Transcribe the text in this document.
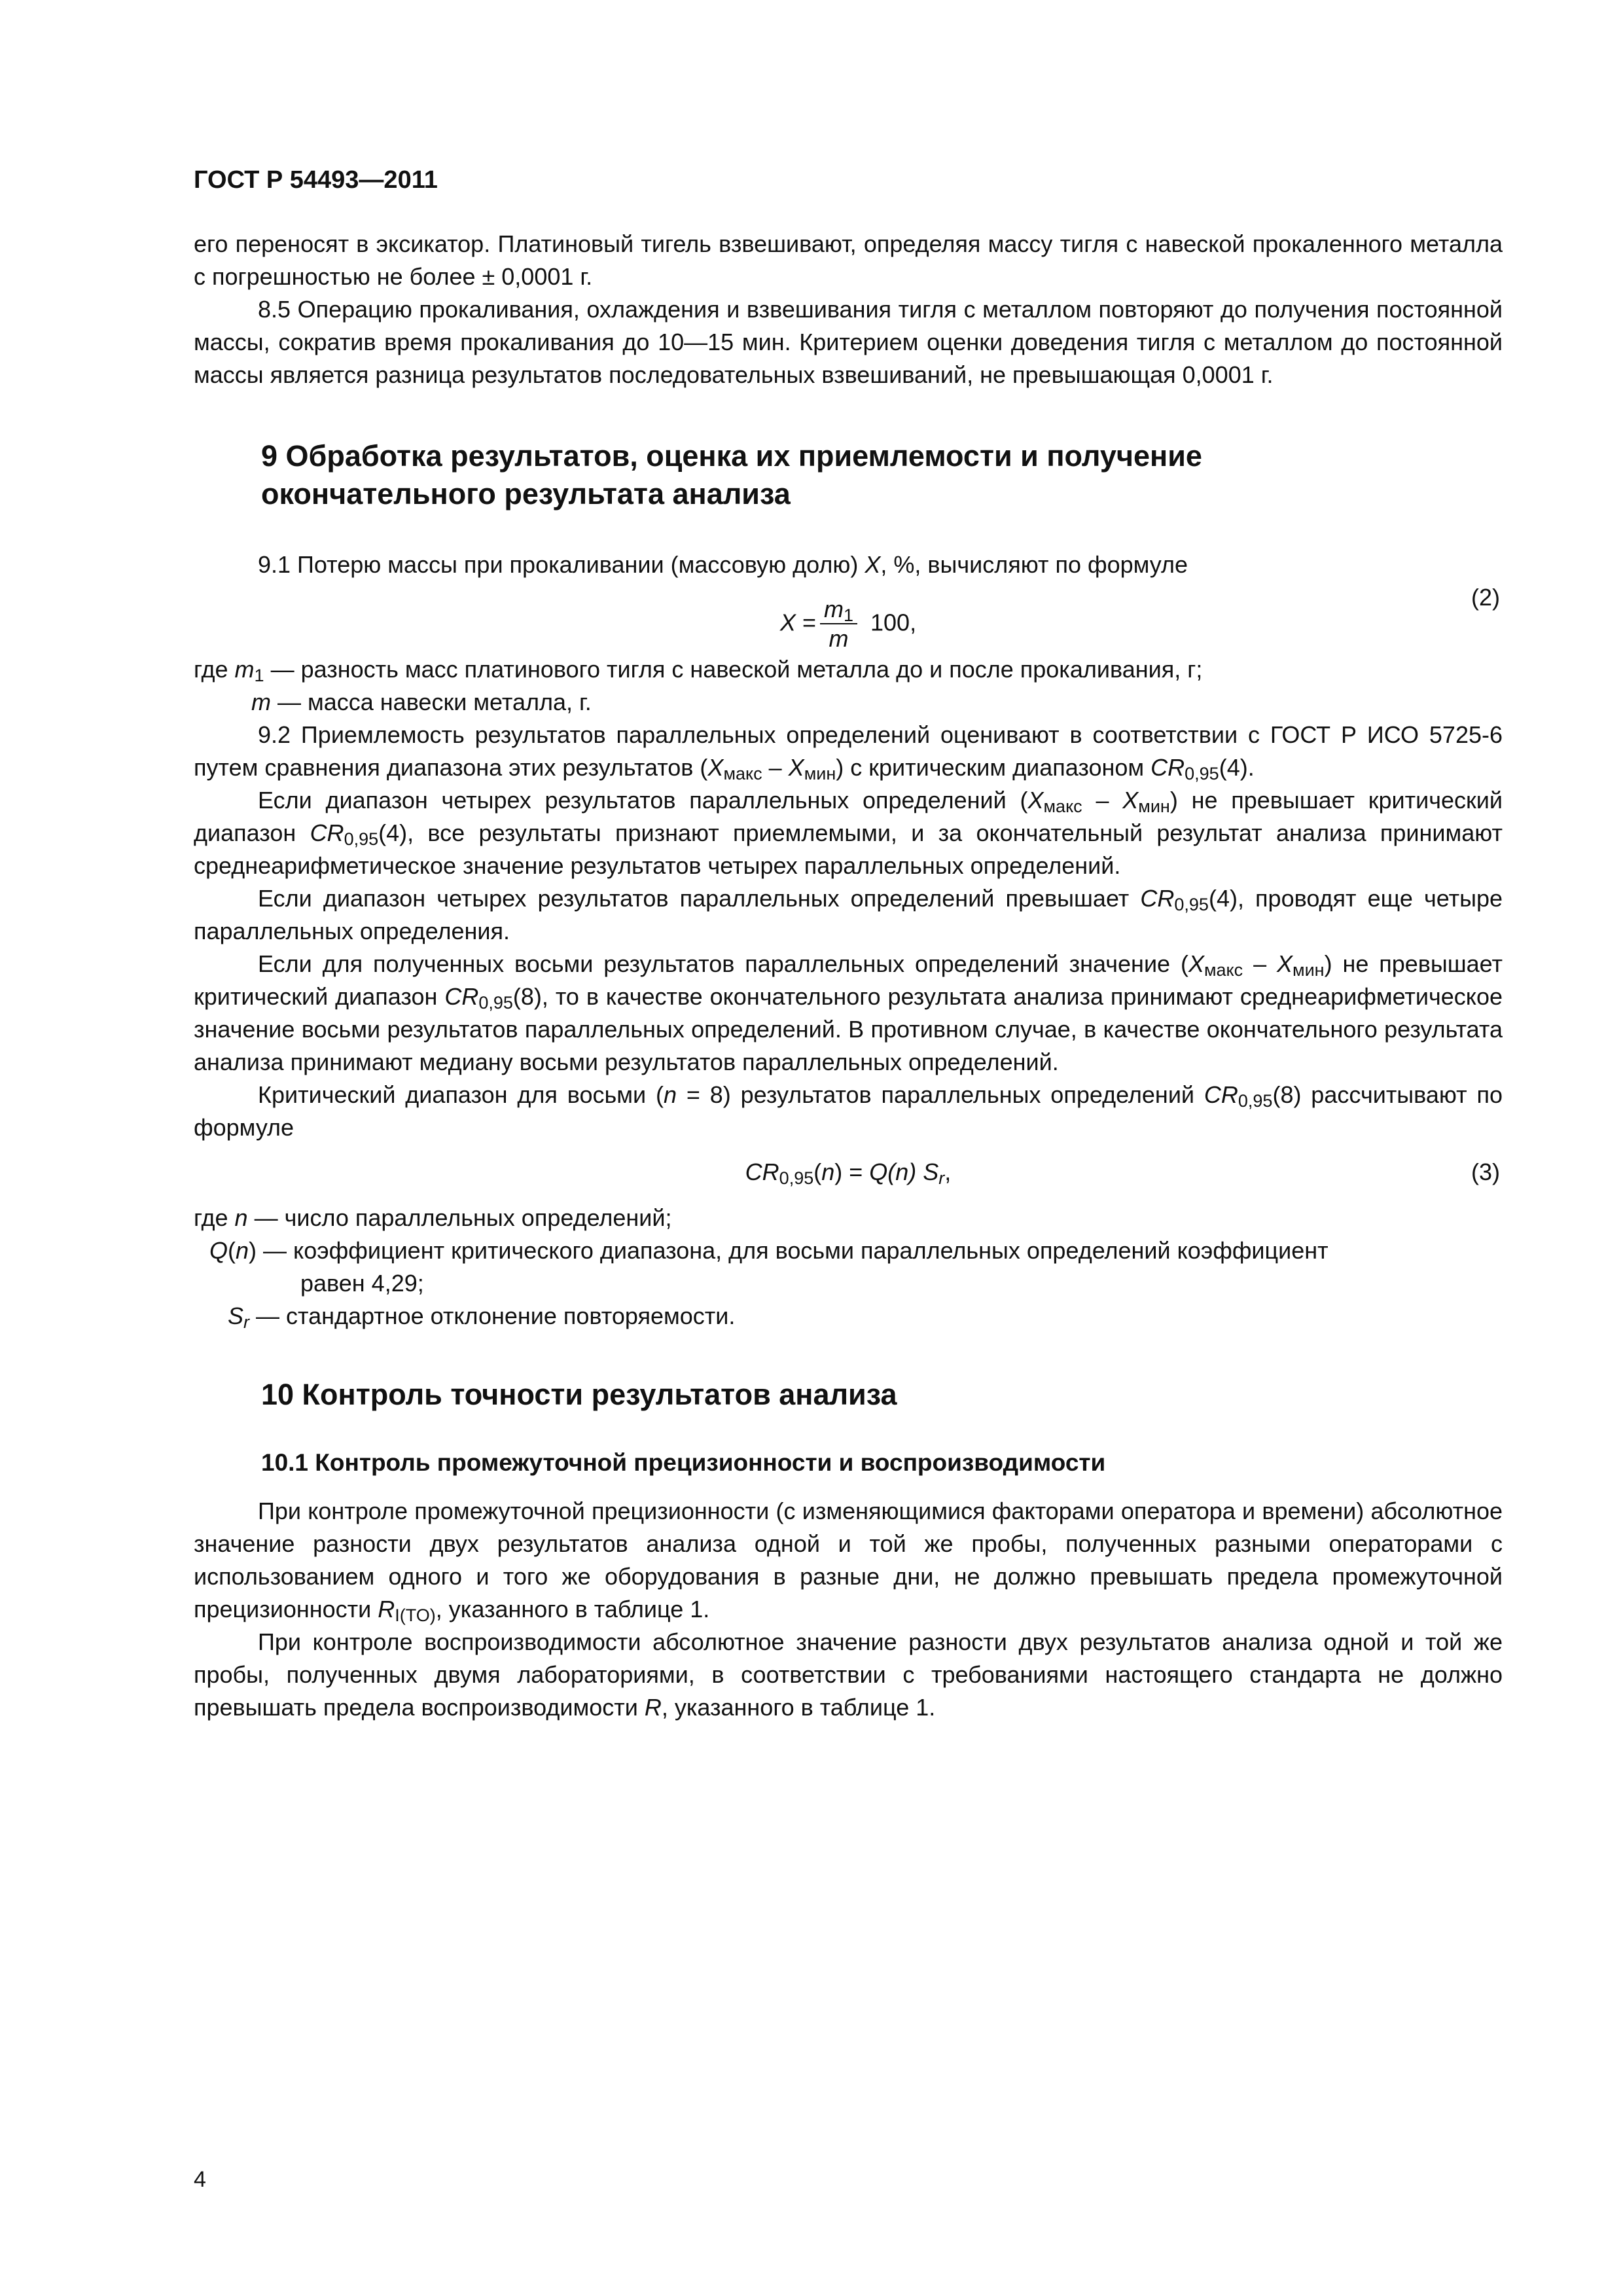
ГОСТ Р 54493—2011

его переносят в эксикатор. Платиновый тигель взвешивают, определяя массу тигля с навеской прокаленного металла с погрешностью не более ± 0,0001 г.

8.5 Операцию прокаливания, охлаждения и взвешивания тигля с металлом повторяют до получения постоянной массы, сократив время прокаливания до 10—15 мин. Критерием оценки доведения тигля с металлом до постоянной массы является разница результатов последовательных взвешиваний, не превышающая 0,0001 г.

9 Обработка результатов, оценка их приемлемости и получение
окончательного результата анализа

9.1 Потерю массы при прокаливании (массовую долю) X, %, вычисляют по формуле

$X = \frac{m_1}{m} 100$,
(2)

где $m_1$ — разность масс платинового тигля с навеской металла до и после прокаливания, г;

m — масса навески металла, г.

9.2 Приемлемость результатов параллельных определений оценивают в соответствии с ГОСТ Р ИСО 5725-6 путем сравнения диапазона этих результатов $(X_{макс} - X_{мин})$ с критическим диапазоном $CR_{0,95}(4)$.

Если диапазон четырех результатов параллельных определений $(X_{макс} - X_{мин})$ не превышает критический диапазон $CR_{0,95}(4)$, все результаты признают приемлемыми, и за окончательный результат анализа принимают среднеарифметическое значение результатов четырех параллельных определений.

Если диапазон четырех результатов параллельных определений превышает $CR_{0,95}(4)$, проводят еще четыре параллельных определения.

Если для полученных восьми результатов параллельных определений значение $(X_{макс} - X_{мин})$ не превышает критический диапазон $CR_{0,95}(8)$, то в качестве окончательного результата анализа принимают среднеарифметическое значение восьми результатов параллельных определений. В противном случае, в качестве окончательного результата анализа принимают медиану восьми результатов параллельных определений.

Критический диапазон для восьми (n = 8) результатов параллельных определений $CR_{0,95}(8)$ рассчитывают по формуле

$CR_{0,95}(n) = Q(n)$ $S_r$,	(3)

где n — число параллельных определений;

Q(n) — коэффициент критического диапазона, для восьми параллельных определений коэффициент

равен 4,29;

$S_r$ — стандартное отклонение повторяемости.

10 Контроль точности результатов анализа
10.1 Контроль промежуточной прецизионности и воспроизводимости

При контроле промежуточной прецизионности (с изменяющимися факторами оператора и времени) абсолютное значение разности двух результатов анализа одной и той же пробы, полученных разными операторами с использованием одного и того же оборудования в разные дни, не должно превышать предела промежуточной прецизионности $R_{I(TO)}$, указанного в таблице 1.

При контроле воспроизводимости абсолютное значение разности двух результатов анализа одной и той же пробы, полученных двумя лабораториями, в соответствии с требованиями настоящего стандарта не должно превышать предела воспроизводимости R, указанного в таблице 1.

4
